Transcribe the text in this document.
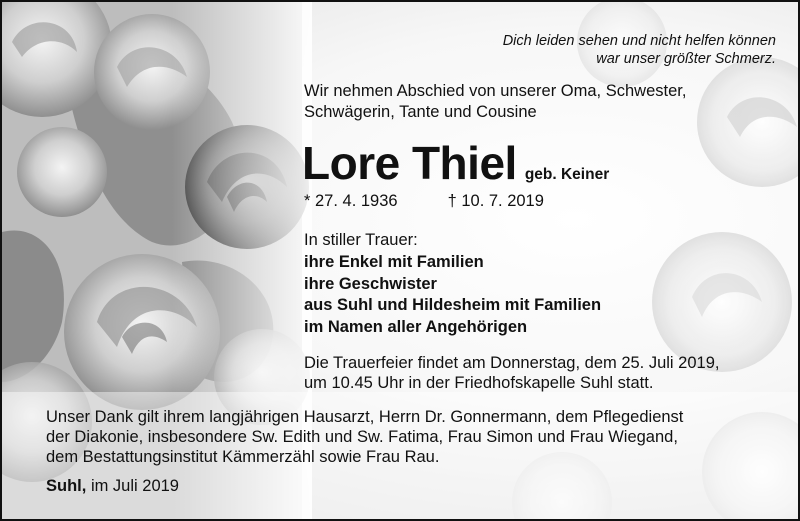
Dich leiden sehen und nicht helfen können
war unser größter Schmerz.
Wir nehmen Abschied von unserer Oma, Schwester,
Schwägerin, Tante und Cousine
Lore Thiel geb. Keiner
* 27. 4. 1936	† 10. 7. 2019
In stiller Trauer:
ihre Enkel mit Familien
ihre Geschwister
aus Suhl und Hildesheim mit Familien
im Namen aller Angehörigen
Die Trauerfeier findet am Donnerstag, dem 25. Juli 2019,
um 10.45 Uhr in der Friedhofskapelle Suhl statt.
Unser Dank gilt ihrem langjährigen Hausarzt, Herrn Dr. Gonnermann, dem Pflegedienst
der Diakonie, insbesondere Sw. Edith und Sw. Fatima, Frau Simon und Frau Wiegand,
dem Bestattungsinstitut Kämmerzähl sowie Frau Rau.
Suhl, im Juli 2019
